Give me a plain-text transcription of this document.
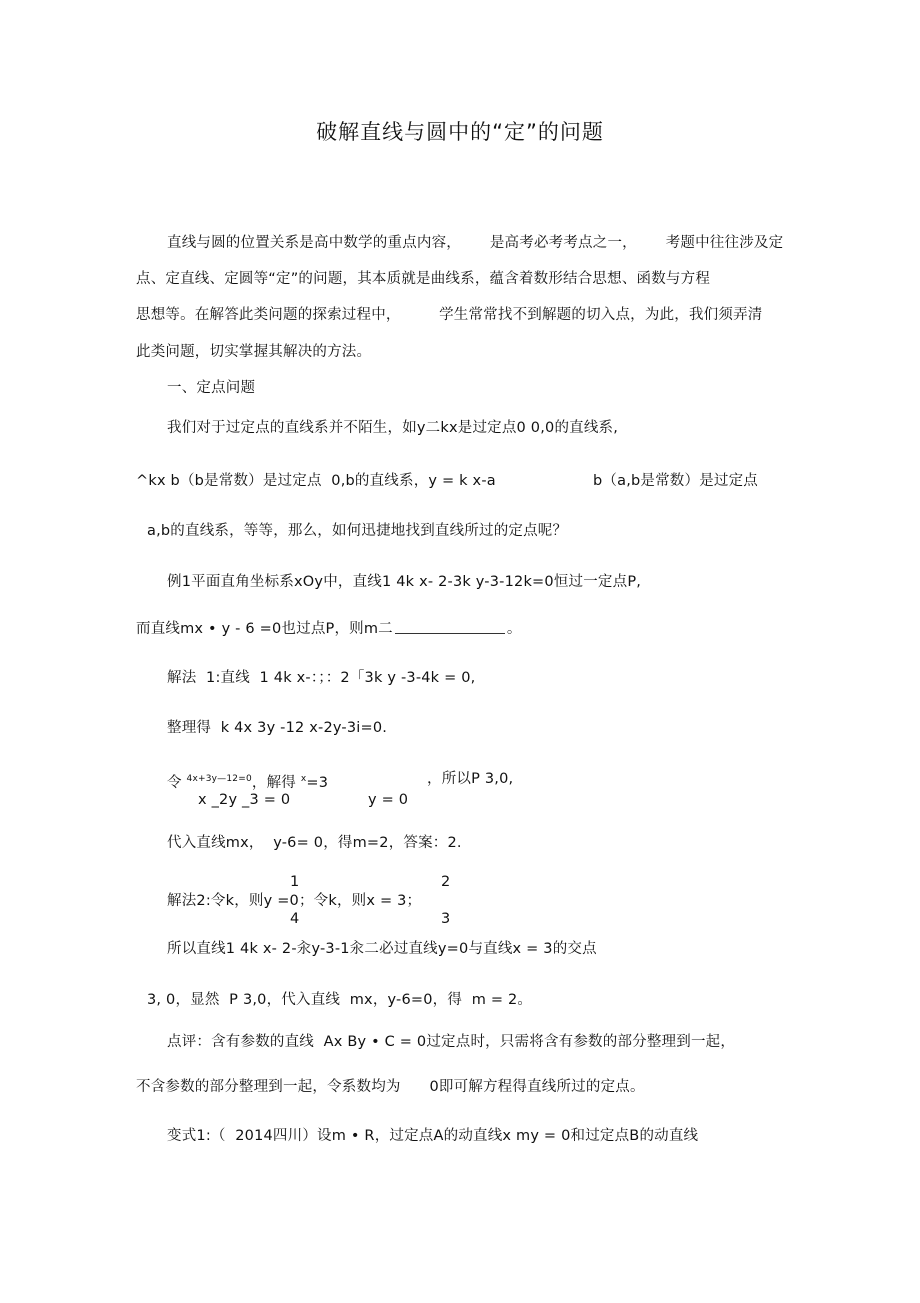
破解直线与圆中的“定”的问题
直线与圆的位置关系是高中数学的重点内容，      是高考必考考点之一，      考题中往往涉及定
点、定直线、定圆等“定”的问题，其本质就是曲线系，蕴含着数形结合思想、函数与方程
思想等。在解答此类问题的探索过程中，        学生常常找不到解题的切入点，为此，我们须弄清
此类问题，切实掌握其解决的方法。
一、定点问题
我们对于过定点的直线系并不陌生，如y二kx是过定点0 0,0的直线系,
^kx b（b是常数）是过定点  0,b的直线系，y = k x-a	b（a,b是常数）是过定点
a,b的直线系，等等，那么，如何迅捷地找到直线所过的定点呢？
例1平面直角坐标系xOy中，直线1 4k x- 2-3k y-3-12k=0恒过一定点P,
而直线mx • y - 6 =0也过点P，则m二	。
解法  1:直线  1 4k x-：；：2「3k y -3-4k = 0,
整理得  k 4x 3y -12 x-2y-3i=0.
令 $^{4x+3y—12=0}$，解得 $^x$=3	，所以P 3,0,
x _2y _3 = 0	y = 0
代入直线mx，  y-6= 0，得m=2，答案：2.
1	2
解法2:令k，则y =0；令k，则x = 3；
4	3
所以直线1 4k x- 2-汆y-3-1汆二必过直线y=0与直线x = 3的交点
3, 0，显然  P 3,0，代入直线  mx，y-6=0，得  m = 2。
点评：含有参数的直线  Ax By • C = 0过定点时，只需将含有参数的部分整理到一起，
不含参数的部分整理到一起，令系数均为      0即可解方程得直线所过的定点。
变式1:（  2014四川）设m • R，过定点A的动直线x my = 0和过定点B的动直线
